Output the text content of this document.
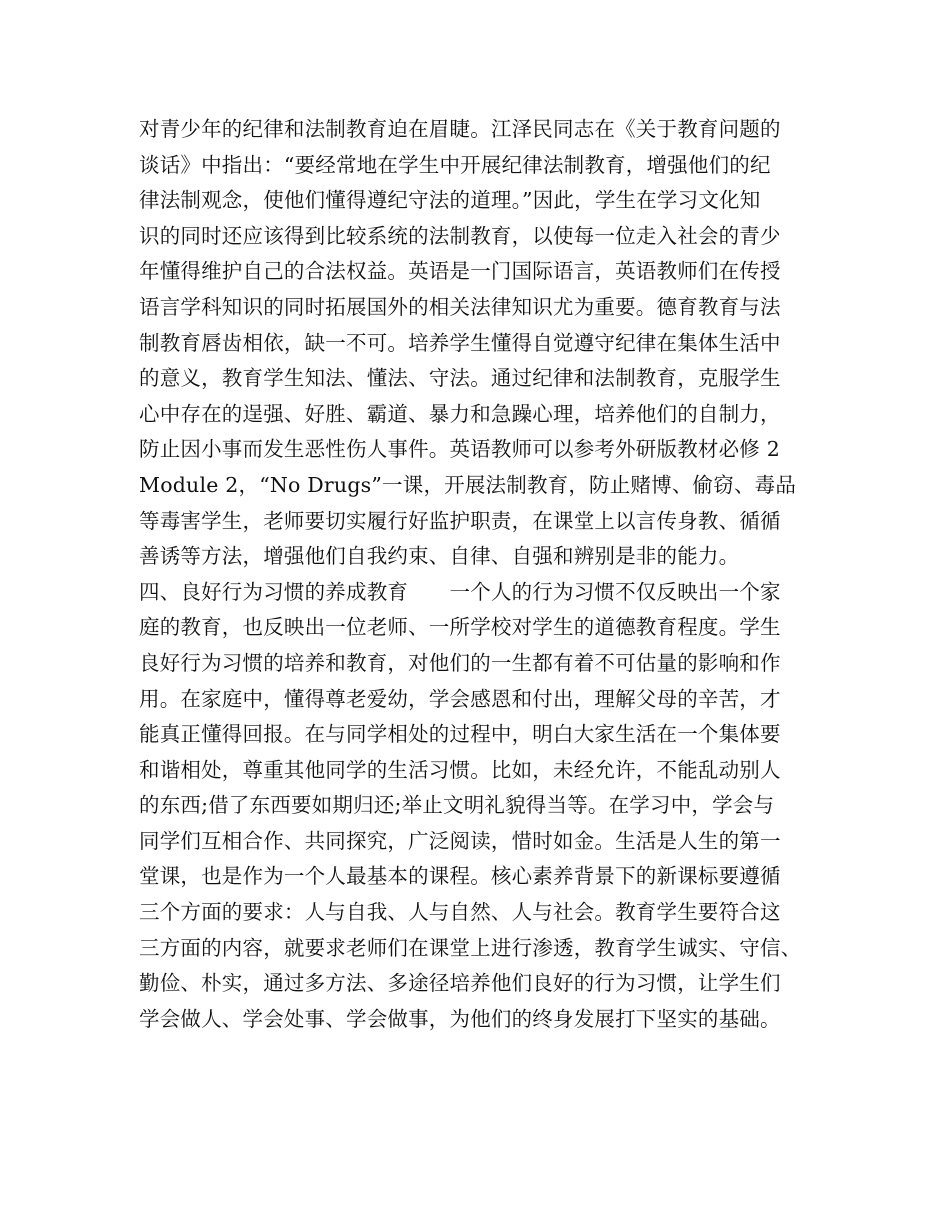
对青少年的纪律和法制教育迫在眉睫。江泽民同志在《关于教育问题的
谈话》中指出：“要经常地在学生中开展纪律法制教育，增强他们的纪
律法制观念，使他们懂得遵纪守法的道理。”因此，学生在学习文化知
识的同时还应该得到比较系统的法制教育，以使每一位走入社会的青少
年懂得维护自己的合法权益。英语是一门国际语言，英语教师们在传授
语言学科知识的同时拓展国外的相关法律知识尤为重要。德育教育与法
制教育唇齿相依，缺一不可。培养学生懂得自觉遵守纪律在集体生活中
的意义，教育学生知法、懂法、守法。通过纪律和法制教育，克服学生
心中存在的逞强、好胜、霸道、暴力和急躁心理，培养他们的自制力，
防止因小事而发生恶性伤人事件。英语教师可以参考外研版教材必修 2
Module 2，“No Drugs”一课，开展法制教育，防止赌博、偷窃、毒品
等毒害学生，老师要切实履行好监护职责，在课堂上以言传身教、循循
善诱等方法，增强他们自我约束、自律、自强和辨别是非的能力。
四、良好行为习惯的养成教育　　一个人的行为习惯不仅反映出一个家
庭的教育，也反映出一位老师、一所学校对学生的道德教育程度。学生
良好行为习惯的培养和教育，对他们的一生都有着不可估量的影响和作
用。在家庭中，懂得尊老爱幼，学会感恩和付出，理解父母的辛苦，才
能真正懂得回报。在与同学相处的过程中，明白大家生活在一个集体要
和谐相处，尊重其他同学的生活习惯。比如，未经允许，不能乱动别人
的东西;借了东西要如期归还;举止文明礼貌得当等。在学习中，学会与
同学们互相合作、共同探究，广泛阅读，惜时如金。生活是人生的第一
堂课，也是作为一个人最基本的课程。核心素养背景下的新课标要遵循
三个方面的要求：人与自我、人与自然、人与社会。教育学生要符合这
三方面的内容，就要求老师们在课堂上进行渗透，教育学生诚实、守信、
勤俭、朴实，通过多方法、多途径培养他们良好的行为习惯，让学生们
学会做人、学会处事、学会做事，为他们的终身发展打下坚实的基础。
